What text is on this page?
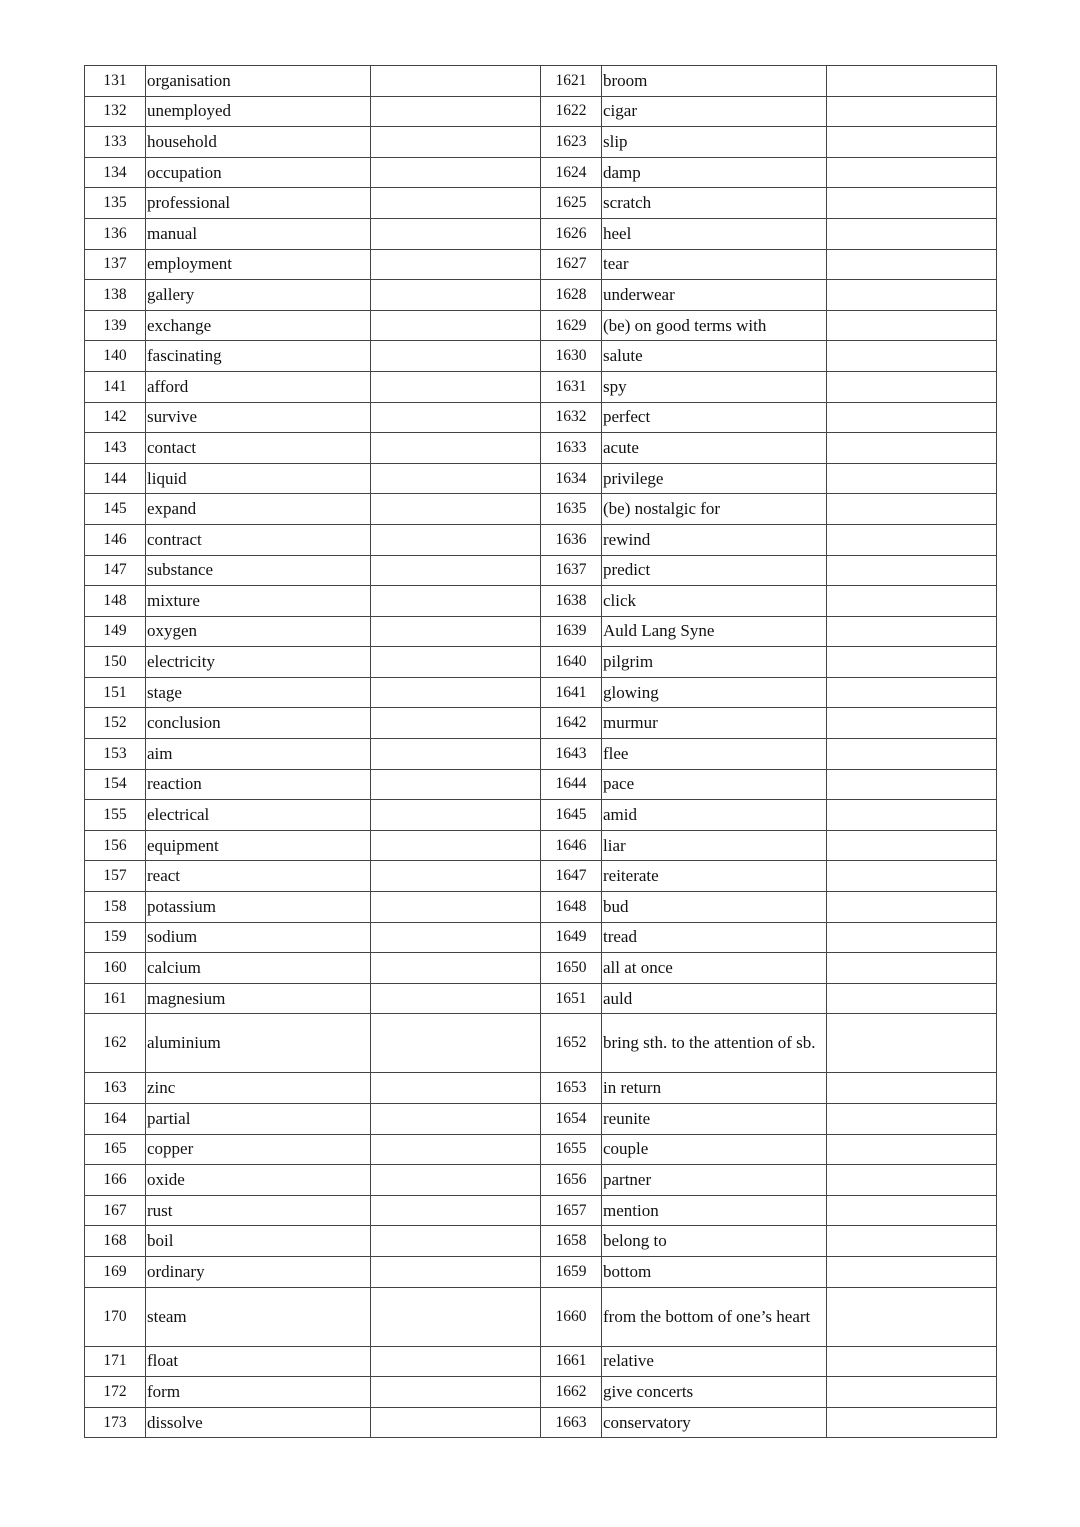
131	organisation		1621	broom	
132	unemployed		1622	cigar	
133	household		1623	slip	
134	occupation		1624	damp	
135	professional		1625	scratch	
136	manual		1626	heel	
137	employment		1627	tear	
138	gallery		1628	underwear	
139	exchange		1629	(be) on good terms with	
140	fascinating		1630	salute	
141	afford		1631	spy	
142	survive		1632	perfect	
143	contact		1633	acute	
144	liquid		1634	privilege	
145	expand		1635	(be) nostalgic for	
146	contract		1636	rewind	
147	substance		1637	predict	
148	mixture		1638	click	
149	oxygen		1639	Auld Lang Syne	
150	electricity		1640	pilgrim	
151	stage		1641	glowing	
152	conclusion		1642	murmur	
153	aim		1643	flee	
154	reaction		1644	pace	
155	electrical		1645	amid	
156	equipment		1646	liar	
157	react		1647	reiterate	
158	potassium		1648	bud	
159	sodium		1649	tread	
160	calcium		1650	all at once	
161	magnesium		1651	auld	
162	aluminium		1652	bring sth. to the attention of sb.	
163	zinc		1653	in return	
164	partial		1654	reunite	
165	copper		1655	couple	
166	oxide		1656	partner	
167	rust		1657	mention	
168	boil		1658	belong to	
169	ordinary		1659	bottom	
170	steam		1660	from the bottom of one’s heart	
171	float		1661	relative	
172	form		1662	give concerts	
173	dissolve		1663	conservatory	
